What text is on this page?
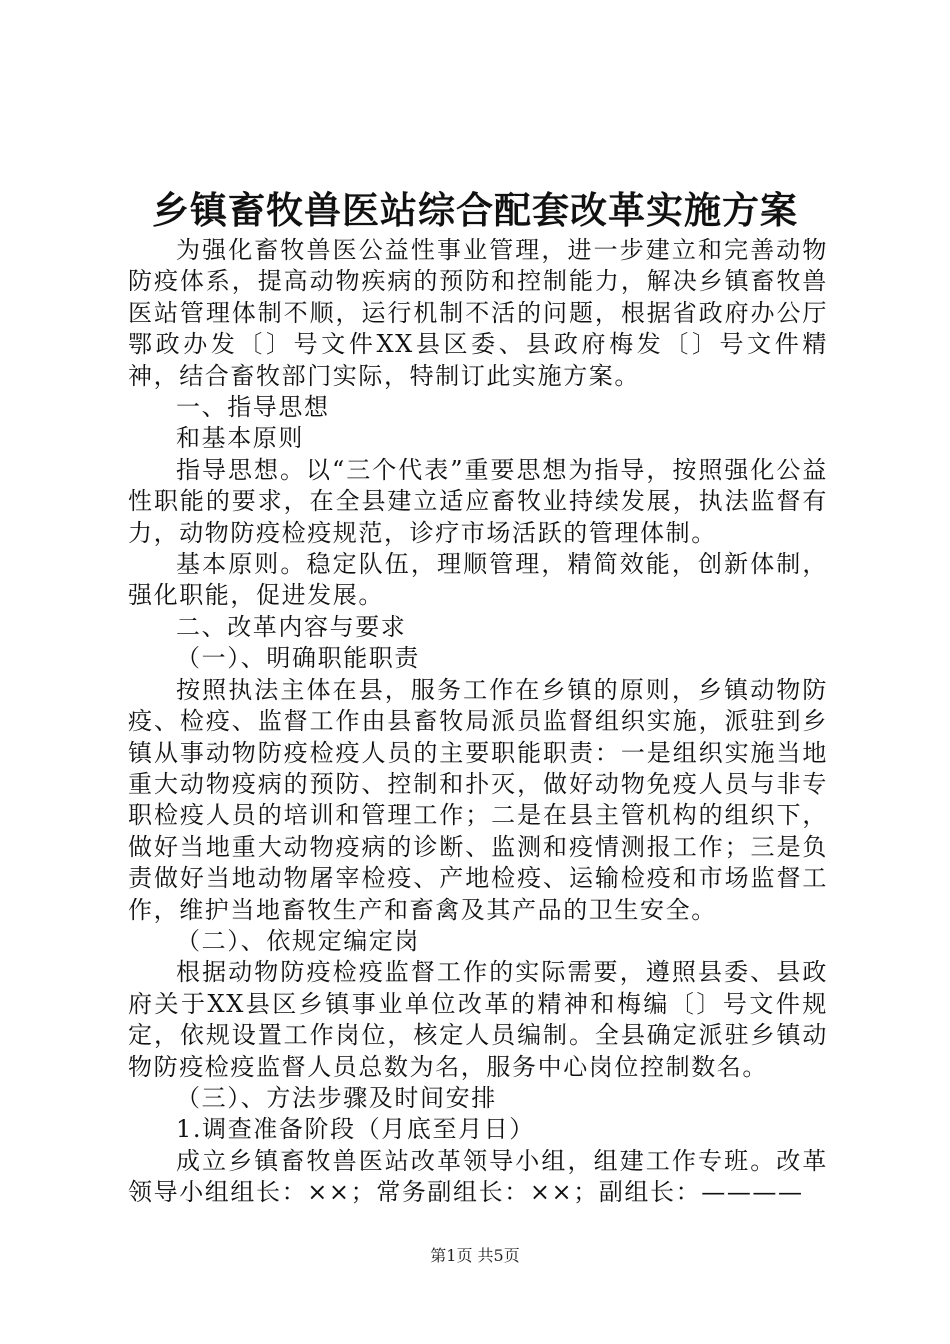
乡镇畜牧兽医站综合配套改革实施方案

为强化畜牧兽医公益性事业管理，进一步建立和完善动物防疫体系，提高动物疾病的预防和控制能力，解决乡镇畜牧兽医站管理体制不顺，运行机制不活的问题，根据省政府办公厅鄂政办发〔〕号文件XX县区委、县政府梅发〔〕号文件精神，结合畜牧部门实际，特制订此实施方案。

一、指导思想

和基本原则

指导思想。以“三个代表”重要思想为指导，按照强化公益性职能的要求，在全县建立适应畜牧业持续发展，执法监督有力，动物防疫检疫规范，诊疗市场活跃的管理体制。

基本原则。稳定队伍，理顺管理，精简效能，创新体制，强化职能，促进发展。

二、改革内容与要求

（一）、明确职能职责

按照执法主体在县，服务工作在乡镇的原则，乡镇动物防疫、检疫、监督工作由县畜牧局派员监督组织实施，派驻到乡镇从事动物防疫检疫人员的主要职能职责：一是组织实施当地重大动物疫病的预防、控制和扑灭，做好动物免疫人员与非专职检疫人员的培训和管理工作；二是在县主管机构的组织下，做好当地重大动物疫病的诊断、监测和疫情测报工作；三是负责做好当地动物屠宰检疫、产地检疫、运输检疫和市场监督工作，维护当地畜牧生产和畜禽及其产品的卫生安全。

（二）、依规定编定岗

根据动物防疫检疫监督工作的实际需要，遵照县委、县政府关于XX县区乡镇事业单位改革的精神和梅编〔〕号文件规定，依规设置工作岗位，核定人员编制。全县确定派驻乡镇动物防疫检疫监督人员总数为名，服务中心岗位控制数名。

（三）、方法步骤及时间安排

1.调查准备阶段（月底至月日）

成立乡镇畜牧兽医站改革领导小组，组建工作专班。改革领导小组组长：××；常务副组长：××；副组长：————

第1页 共5页
